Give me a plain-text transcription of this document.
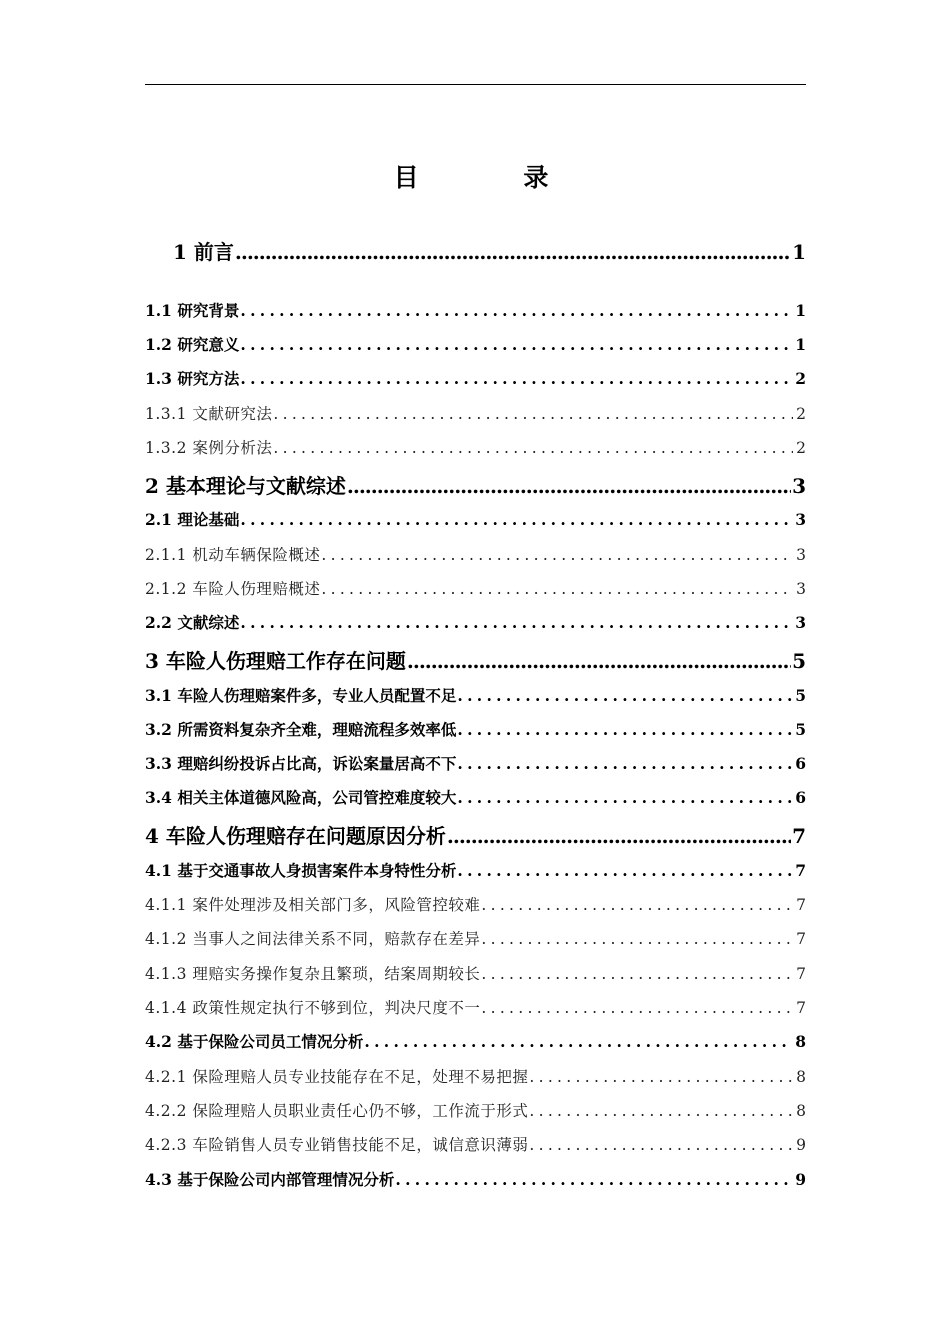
目 录
1 前言 .....	1
1.1 研究背景 .....	1
1.2 研究意义 .....	1
1.3 研究方法 .....	2
1.3.1 文献研究法 .....	2
1.3.2 案例分析法 .....	2
2 基本理论与文献综述 .....	3
2.1 理论基础 .....	3
2.1.1 机动车辆保险概述 .....	3
2.1.2 车险人伤理赔概述 .....	3
2.2 文献综述 .....	3
3 车险人伤理赔工作存在问题 .....	5
3.1 车险人伤理赔案件多，专业人员配置不足 .....	5
3.2 所需资料复杂齐全难，理赔流程多效率低 .....	5
3.3 理赔纠纷投诉占比高，诉讼案量居高不下 .....	6
3.4 相关主体道德风险高，公司管控难度较大 .....	6
4 车险人伤理赔存在问题原因分析 .....	7
4.1 基于交通事故人身损害案件本身特性分析 .....	7
4.1.1 案件处理涉及相关部门多，风险管控较难 .....	7
4.1.2 当事人之间法律关系不同，赔款存在差异 .....	7
4.1.3 理赔实务操作复杂且繁琐，结案周期较长 .....	7
4.1.4 政策性规定执行不够到位，判决尺度不一 .....	7
4.2 基于保险公司员工情况分析 .....	8
4.2.1 保险理赔人员专业技能存在不足，处理不易把握 .....	8
4.2.2 保险理赔人员职业责任心仍不够，工作流于形式 .....	8
4.2.3 车险销售人员专业销售技能不足，诚信意识薄弱 .....	9
4.3 基于保险公司内部管理情况分析 .....	9
